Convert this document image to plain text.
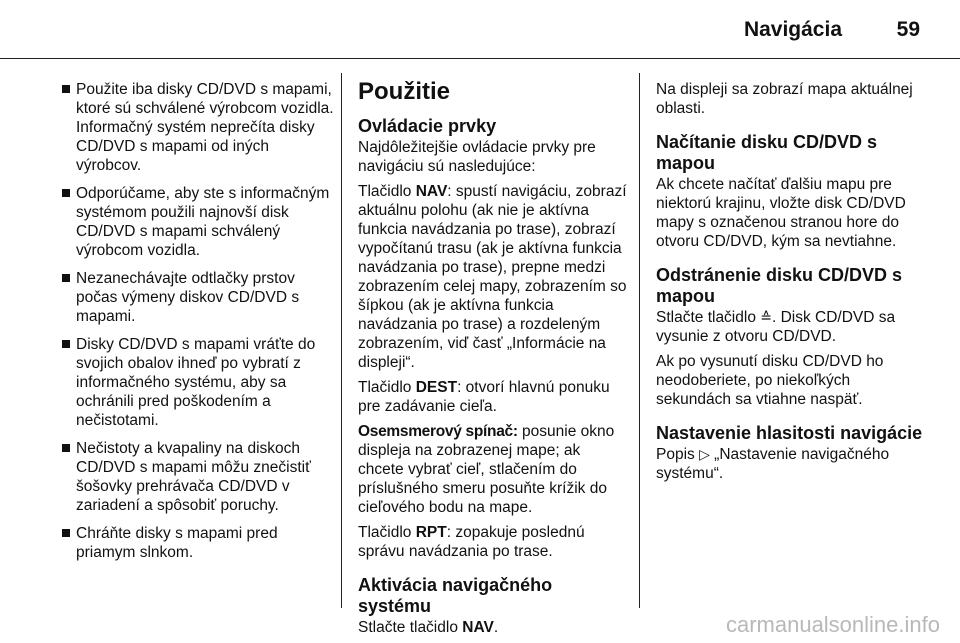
Navigácia	59
Použite iba disky CD/DVD s mapami, ktoré sú schválené výrobcom vozidla. Informačný systém neprečíta disky CD/DVD s mapami od iných výrobcov.
Odporúčame, aby ste s informačným systémom použili najnovší disk CD/DVD s mapami schválený výrobcom vozidla.
Nezanechávajte odtlačky prstov počas výmeny diskov CD/DVD s mapami.
Disky CD/DVD s mapami vráťte do svojich obalov ihneď po vybratí z informačného systému, aby sa ochránili pred poškodením a nečistotami.
Nečistoty a kvapaliny na diskoch CD/DVD s mapami môžu znečistiť šošovky prehrávača CD/DVD v zariadení a spôsobiť poruchy.
Chráňte disky s mapami pred priamym slnkom.
Použitie
Ovládacie prvky

Najdôležitejšie ovládacie prvky pre navigáciu sú nasledujúce:

Tlačidlo NAV: spustí navigáciu, zobrazí aktuálnu polohu (ak nie je aktívna funkcia navádzania po trase), zobrazí vypočítanú trasu (ak je aktívna funkcia navádzania po trase), prepne medzi zobrazením celej mapy, zobrazením so šípkou (ak je aktívna funkcia navádzania po trase) a rozdeleným zobrazením, viď časť „Informácie na displeji“.

Tlačidlo DEST: otvorí hlavnú ponuku pre zadávanie cieľa.

Osemsmerový spínač: posunie okno displeja na zobrazenej mape; ak chcete vybrať cieľ, stlačením do príslušného smeru posuňte krížik do cieľového bodu na mape.

Tlačidlo RPT: zopakuje poslednú správu navádzania po trase.

Aktivácia navigačného systému

Stlačte tlačidlo NAV.

Na displeji sa zobrazí mapa aktuálnej oblasti.

Načítanie disku CD/DVD s mapou

Ak chcete načítať ďalšiu mapu pre niektorú krajinu, vložte disk CD/DVD mapy s označenou stranou hore do otvoru CD/DVD, kým sa nevtiahne.

Odstránenie disku CD/DVD s mapou

Stlačte tlačidlo ≙. Disk CD/DVD sa vysunie z otvoru CD/DVD.

Ak po vysunutí disku CD/DVD ho neodoberiete, po niekoľkých sekundách sa vtiahne naspäť.

Nastavenie hlasitosti navigácie

Popis ▷ „Nastavenie navigačného systému“.

carmanualsonline.info
